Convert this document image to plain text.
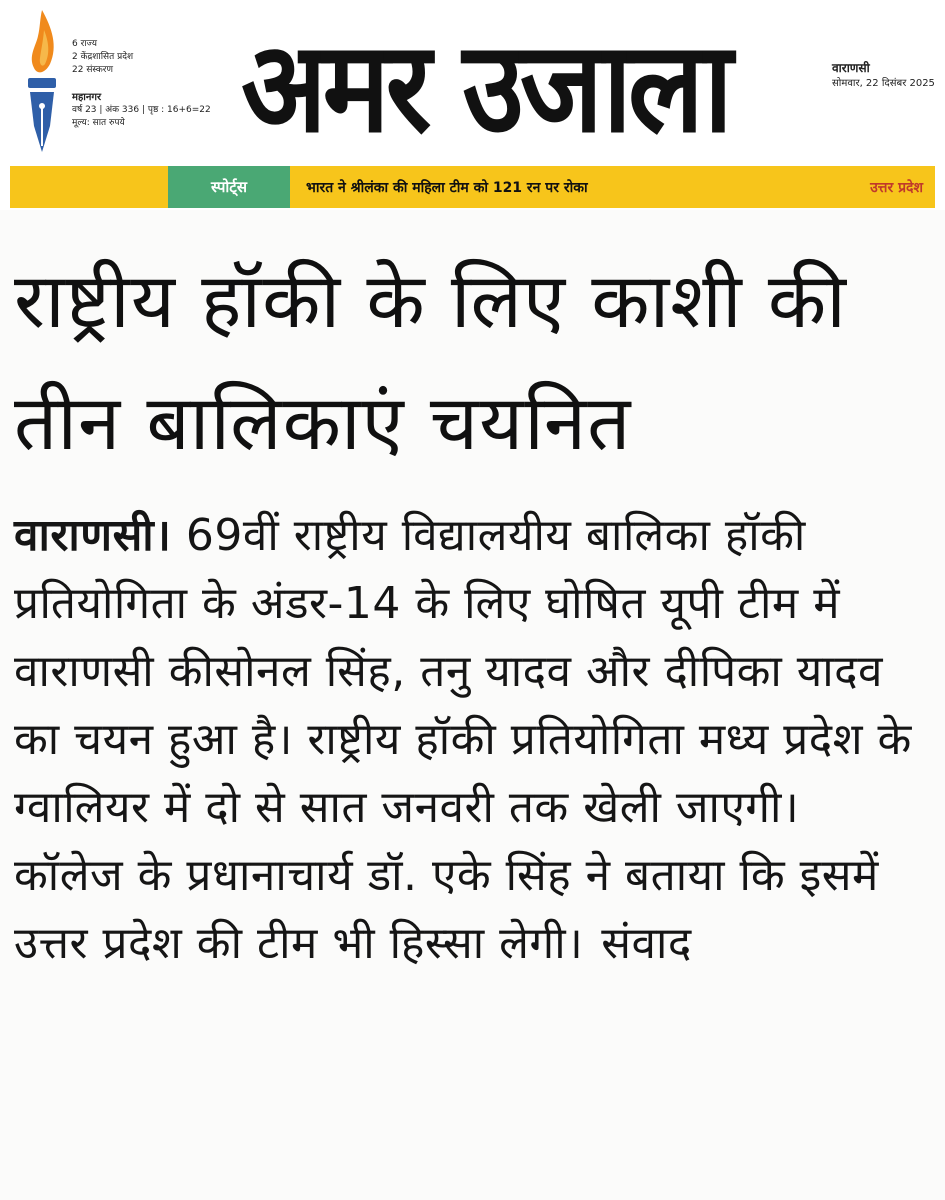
6 राज्य
2 केंद्रशासित प्रदेश
22 संस्करण
महानगर
वर्ष 23 | अंक 336 | पृष्ठ : 16+6=22
मूल्य: सात रुपये	अमर उजाला	वाराणसी
सोमवार, 22 दिसंबर 2025
स्पोर्ट्स	भारत ने श्रीलंका की महिला टीम को 121 रन पर रोका	उत्तर प्रदेश
राष्ट्रीय हॉकी के लिए काशी की तीन बालिकाएं चयनित

वाराणसी। 69वीं राष्ट्रीय विद्यालयीय बालिका हॉकी प्रतियोगिता के अंडर-14 के लिए घोषित यूपी टीम में वाराणसी कीसोनल सिंह, तनु यादव और दीपिका यादव का चयन हुआ है। राष्ट्रीय हॉकी प्रतियोगिता मध्य प्रदेश के ग्वालियर में दो से सात जनवरी तक खेली जाएगी। कॉलेज के प्रधानाचार्य डॉ. एके सिंह ने बताया कि इसमें उत्तर प्रदेश की टीम भी हिस्सा लेगी। संवाद
